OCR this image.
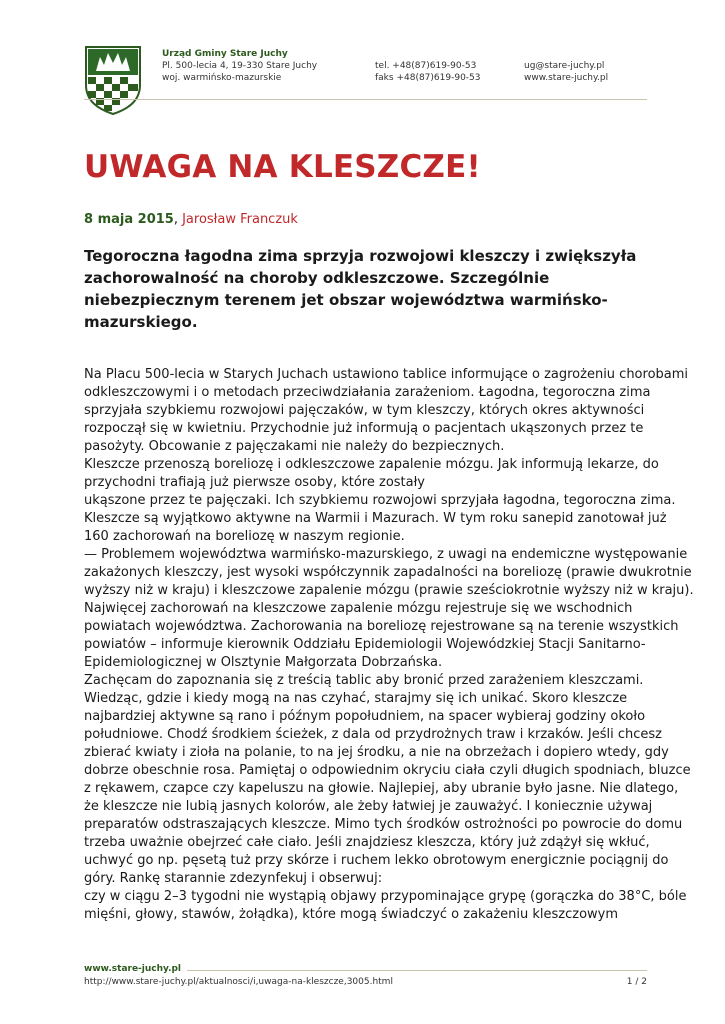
Urząd Gminy Stare Juchy
Pl. 500-lecia 4, 19-330 Stare Juchy
woj. warmińsko-mazurskie
tel. +48(87)619-90-53
faks +48(87)619-90-53
ug@stare-juchy.pl
www.stare-juchy.pl
UWAGA NA KLESZCZE!
8 maja 2015, Jarosław Franczuk

Tegoroczna łagodna zima sprzyja rozwojowi kleszczy i zwiększyła zachorowalność na choroby odkleszczowe. Szczególnie niebezpiecznym terenem jet obszar województwa warmińsko-mazurskiego.

Na Placu 500-lecia w Starych Juchach ustawiono tablice informujące o zagrożeniu chorobami

odkleszczowymi i o metodach przeciwdziałania zarażeniom. Łagodna, tegoroczna zima

sprzyjała szybkiemu rozwojowi pajęczaków, w tym kleszczy, których okres aktywności

rozpoczął się w kwietniu. Przychodnie już informują o pacjentach ukąszonych przez te

pasożyty. Obcowanie z pajęczakami nie należy do bezpiecznych.

Kleszcze przenoszą boreliozę i odkleszczowe zapalenie mózgu. Jak informują lekarze, do

przychodni trafiają już pierwsze osoby, które zostały

ukąszone przez te pajęczaki. Ich szybkiemu rozwojowi sprzyjała łagodna, tegoroczna zima.

Kleszcze są wyjątkowo aktywne na Warmii i Mazurach. W tym roku sanepid zanotował już

160 zachorowań na boreliozę w naszym regionie.

— Problemem województwa warmińsko-mazurskiego, z uwagi na endemiczne występowanie

zakażonych kleszczy, jest wysoki współczynnik zapadalności na boreliozę (prawie dwukrotnie

wyższy niż w kraju) i kleszczowe zapalenie mózgu (prawie sześciokrotnie wyższy niż w kraju).

Najwięcej zachorowań na kleszczowe zapalenie mózgu rejestruje się we wschodnich

powiatach województwa. Zachorowania na boreliozę rejestrowane są na terenie wszystkich

powiatów – informuje kierownik Oddziału Epidemiologii Wojewódzkiej Stacji Sanitarno-

Epidemiologicznej w Olsztynie Małgorzata Dobrzańska.

Zachęcam do zapoznania się z treścią tablic aby bronić przed zarażeniem kleszczami.

Wiedząc, gdzie i kiedy mogą na nas czyhać, starajmy się ich unikać. Skoro kleszcze

najbardziej aktywne są rano i późnym popołudniem, na spacer wybieraj godziny około

południowe. Chodź środkiem ścieżek, z dala od przydrożnych traw i krzaków. Jeśli chcesz

zbierać kwiaty i zioła na polanie, to na jej środku, a nie na obrzeżach i dopiero wtedy, gdy

dobrze obeschnie rosa. Pamiętaj o odpowiednim okryciu ciała czyli długich spodniach, bluzce

z rękawem, czapce czy kapeluszu na głowie. Najlepiej, aby ubranie było jasne. Nie dlatego,

że kleszcze nie lubią jasnych kolorów, ale żeby łatwiej je zauważyć. I koniecznie używaj

preparatów odstraszających kleszcze. Mimo tych środków ostrożności po powrocie do domu

trzeba uważnie obejrzeć całe ciało. Jeśli znajdziesz kleszcza, który już zdążył się wkłuć,

uchwyć go np. pęsetą tuż przy skórze i ruchem lekko obrotowym energicznie pociągnij do

góry. Rankę starannie zdezynfekuj i obserwuj:

czy w ciągu 2–3 tygodni nie wystąpią objawy przypominające grypę (gorączka do 38°C, bóle

mięśni, głowy, stawów, żołądka), które mogą świadczyć o zakażeniu kleszczowym

www.stare-juchy.pl
http://www.stare-juchy.pl/aktualnosci/i,uwaga-na-kleszcze,3005.html	1 / 2
